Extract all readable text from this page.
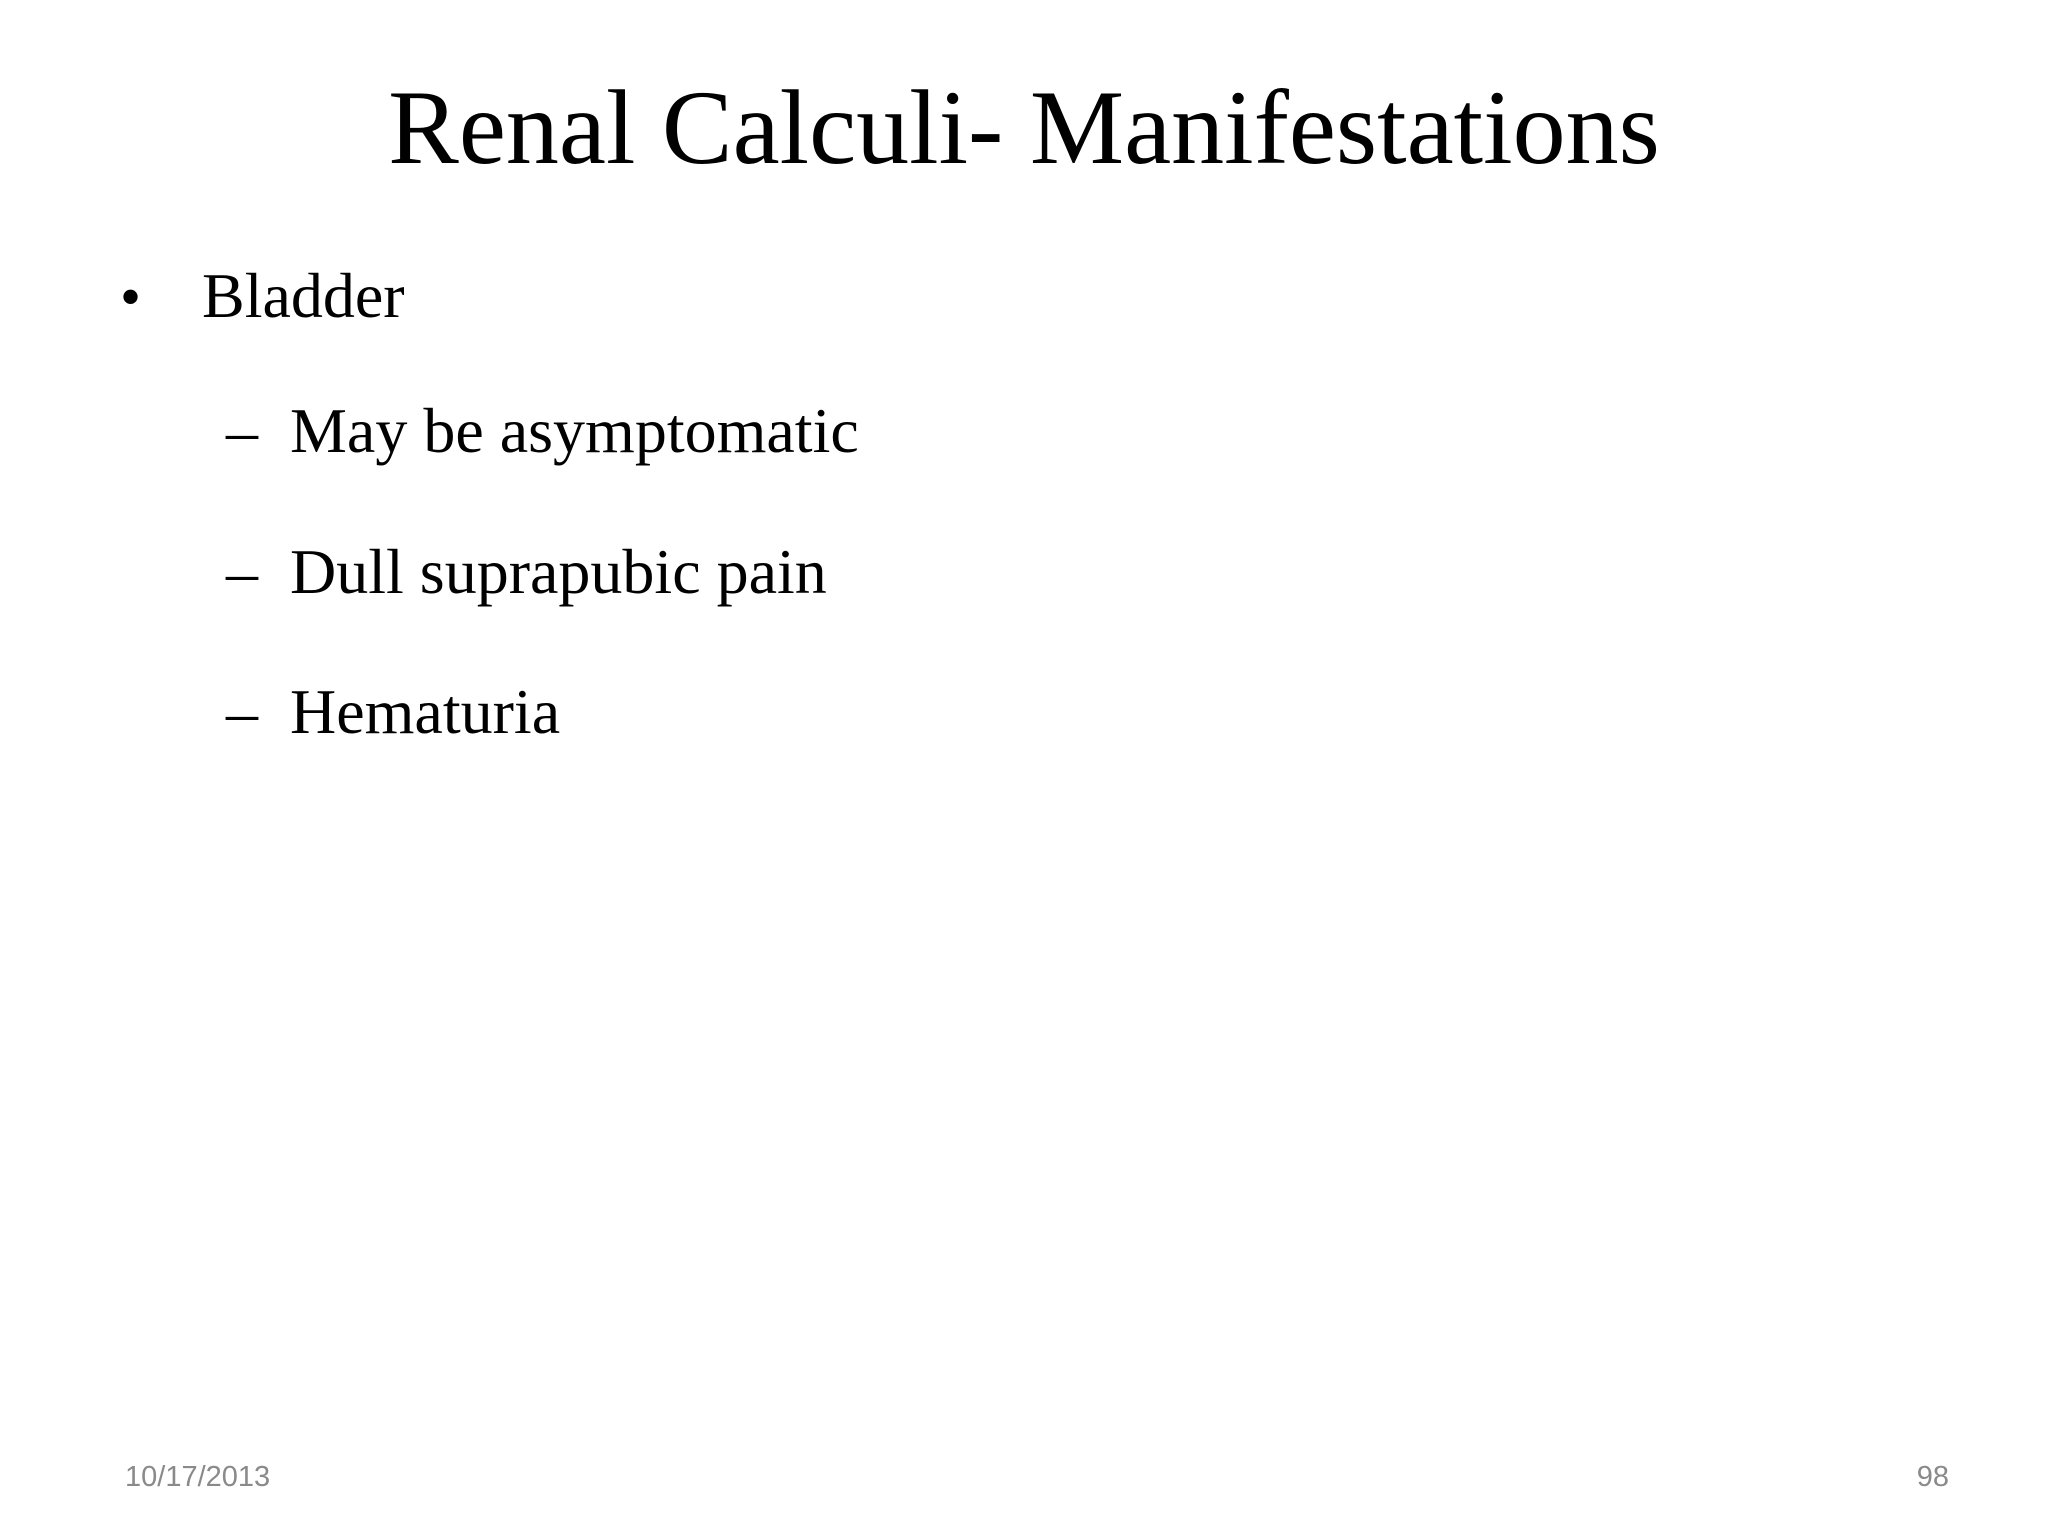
Renal Calculi- Manifestations
• Bladder
– May be asymptomatic
– Dull suprapubic pain
– Hematuria
10/17/2013	98
